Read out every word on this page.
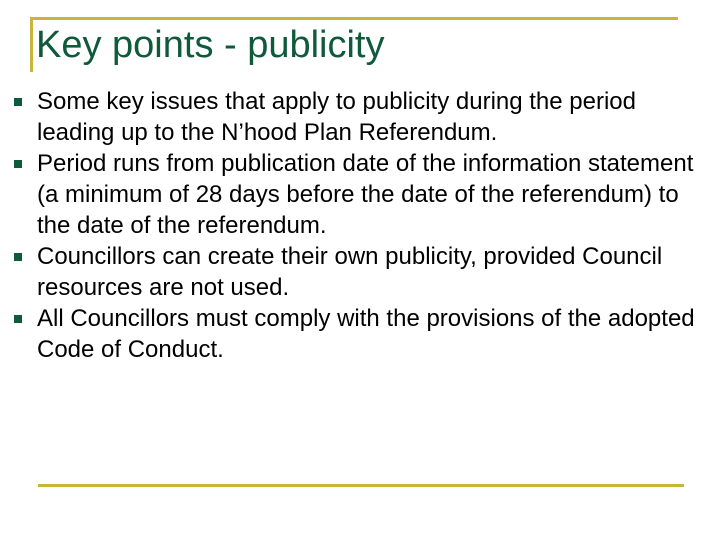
Key points - publicity
Some key issues that apply to publicity during the period leading up to the N’hood Plan Referendum.
Period runs from publication date of the information statement (a minimum of 28 days before the date of the referendum) to the date of the referendum.
Councillors can create their own publicity, provided Council resources are not used.
All Councillors must comply with the provisions of the adopted Code of Conduct.
